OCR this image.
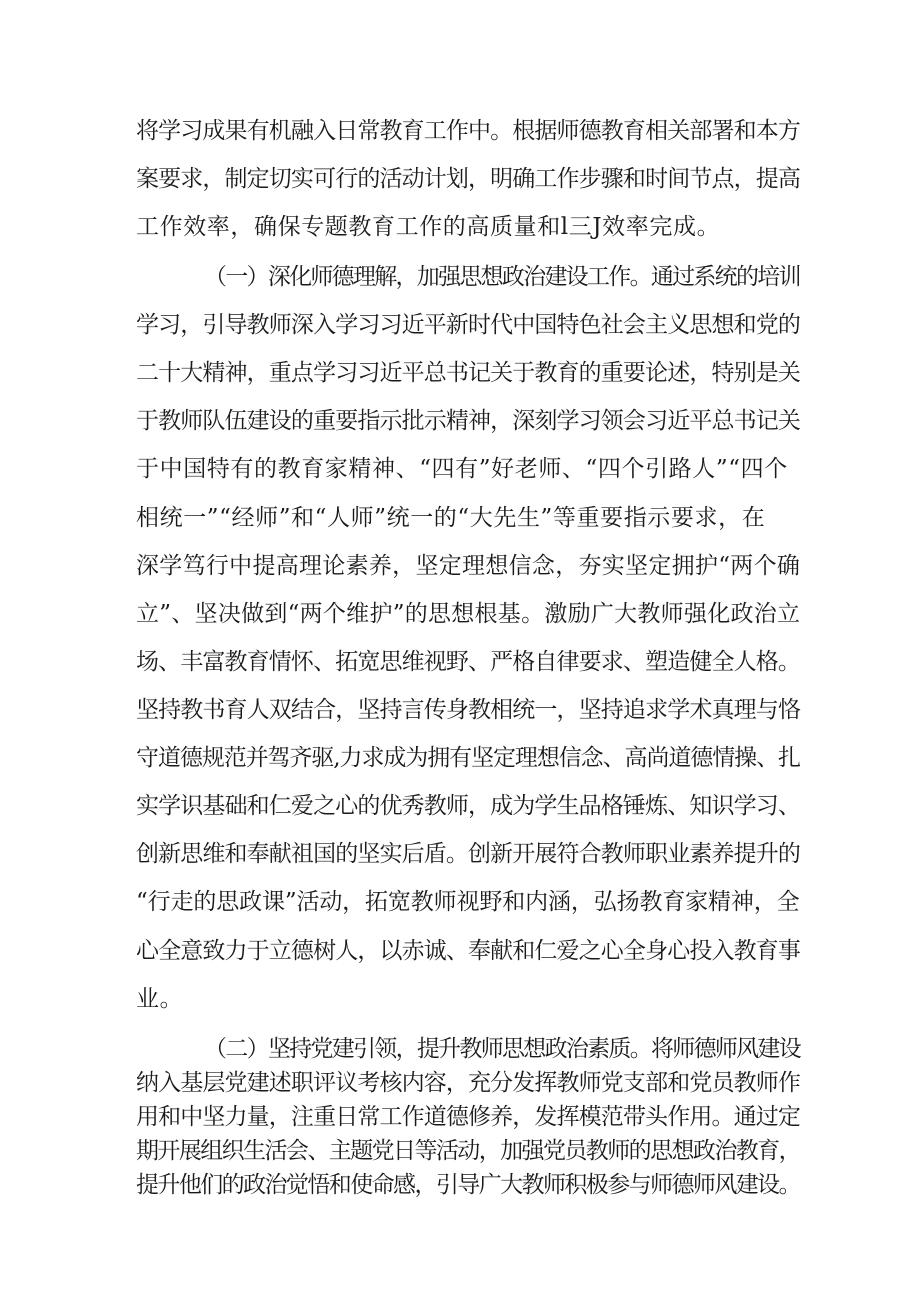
将学习成果有机融入日常教育工作中。根据师德教育相关部署和本方
案要求，制定切实可行的活动计划，明确工作步骤和时间节点，提高
工作效率，确保专题教育工作的高质量和l三J效率完成。
（一）深化师德理解，加强思想政治建设工作。通过系统的培训
学习，引导教师深入学习习近平新时代中国特色社会主义思想和党的
二十大精神，重点学习习近平总书记关于教育的重要论述，特别是关
于教师队伍建设的重要指示批示精神，深刻学习领会习近平总书记关
于中国特有的教育家精神、“四有”好老师、“四个引路人”“四个
相统一”“经师”和“人师”统一的“大先生”等重要指示要求，在
深学笃行中提高理论素养，坚定理想信念，夯实坚定拥护“两个确
立”、坚决做到“两个维护”的思想根基。激励广大教师强化政治立
场、丰富教育情怀、拓宽思维视野、严格自律要求、塑造健全人格。
坚持教书育人双结合，坚持言传身教相统一，坚持追求学术真理与恪
守道德规范并驾齐驱,力求成为拥有坚定理想信念、高尚道德情操、扎
实学识基础和仁爱之心的优秀教师，成为学生品格锤炼、知识学习、
创新思维和奉献祖国的坚实后盾。创新开展符合教师职业素养提升的
“行走的思政课”活动，拓宽教师视野和内涵，弘扬教育家精神，全
心全意致力于立德树人，以赤诚、奉献和仁爱之心全身心投入教育事
业。
（二）坚持党建引领，提升教师思想政治素质。将师德师风建设
纳入基层党建述职评议考核内容，充分发挥教师党支部和党员教师作
用和中坚力量，注重日常工作道德修养，发挥模范带头作用。通过定
期开展组织生活会、主题党日等活动，加强党员教师的思想政治教育，
提升他们的政治觉悟和使命感，引导广大教师积极参与师德师风建设。
